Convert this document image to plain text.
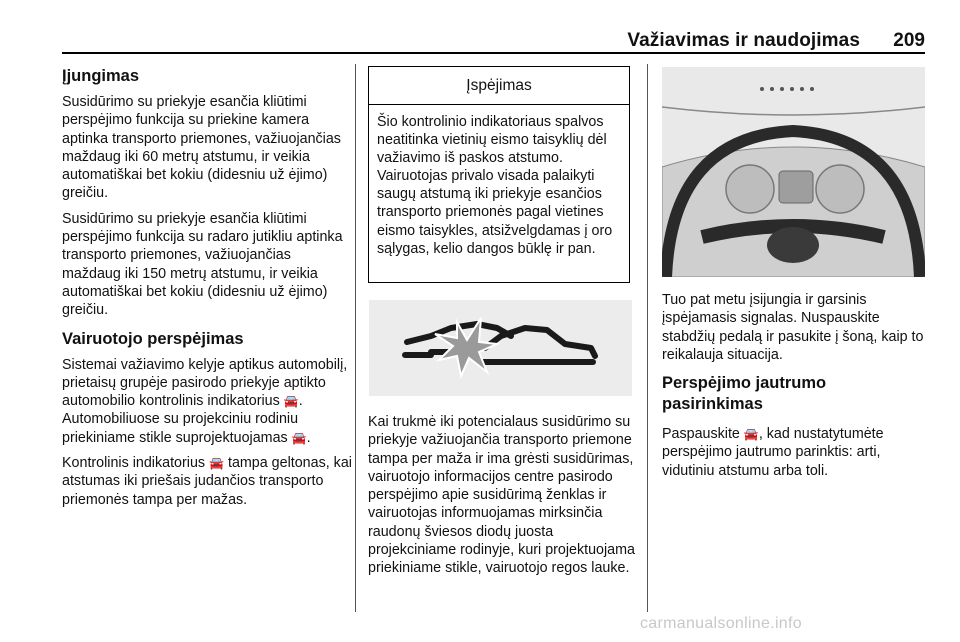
Važiavimas ir naudojimas	209
Įjungimas

Susidūrimo su priekyje esančia kliūtimi perspėjimo funkcija su priekine kamera aptinka transporto priemones, važiuojančias maždaug iki 60 metrų atstumu, ir veikia automatiškai bet kokiu (didesniu už ėjimo) greičiu.

Susidūrimo su priekyje esančia kliūtimi perspėjimo funkcija su radaro jutikliu aptinka transporto priemones, važiuojančias maždaug iki 150 metrų atstumu, ir veikia automatiškai bet kokiu (didesniu už ėjimo) greičiu.

Vairuotojo perspėjimas

Sistemai važiavimo kelyje aptikus automobilį, prietaisų grupėje pasirodo priekyje aptikto automobilio kontrolinis indikatorius 🚘.
Automobiliuose su projekciniu rodiniu priekiniame stikle suprojektuojamas 🚘.

Kontrolinis indikatorius 🚘 tampa geltonas, kai atstumas iki priešais judančios transporto priemonės tampa per mažas.

Įspėjimas
Šio kontrolinio indikatoriaus spalvos neatitinka vietinių eismo taisyklių dėl važiavimo iš paskos atstumo. Vairuotojas privalo visada palaikyti saugų atstumą iki priekyje esančios transporto priemonės pagal vietines eismo taisykles, atsižvelgdamas į oro sąlygas, kelio dangos būklę ir pan.

Kai trukmė iki potencialaus susidūrimo su priekyje važiuojančia transporto priemone tampa per maža ir ima grėsti susidūrimas, vairuotojo informacijos centre pasirodo perspėjimo apie susidūrimą ženklas ir vairuotojas informuojamas mirksinčia raudonų šviesos diodų juosta projekciniame rodinyje, kuri projektuojama priekiniame stikle, vairuotojo regos lauke.

Tuo pat metu įsijungia ir garsinis įspėjamasis signalas. Nuspauskite stabdžių pedalą ir pasukite į šoną, kaip to reikalauja situacija.

Perspėjimo jautrumo pasirinkimas

Paspauskite 🚘, kad nustatytumėte perspėjimo jautrumo parinktis: arti, vidutiniu atstumu arba toli.

carmanualsonline.info
